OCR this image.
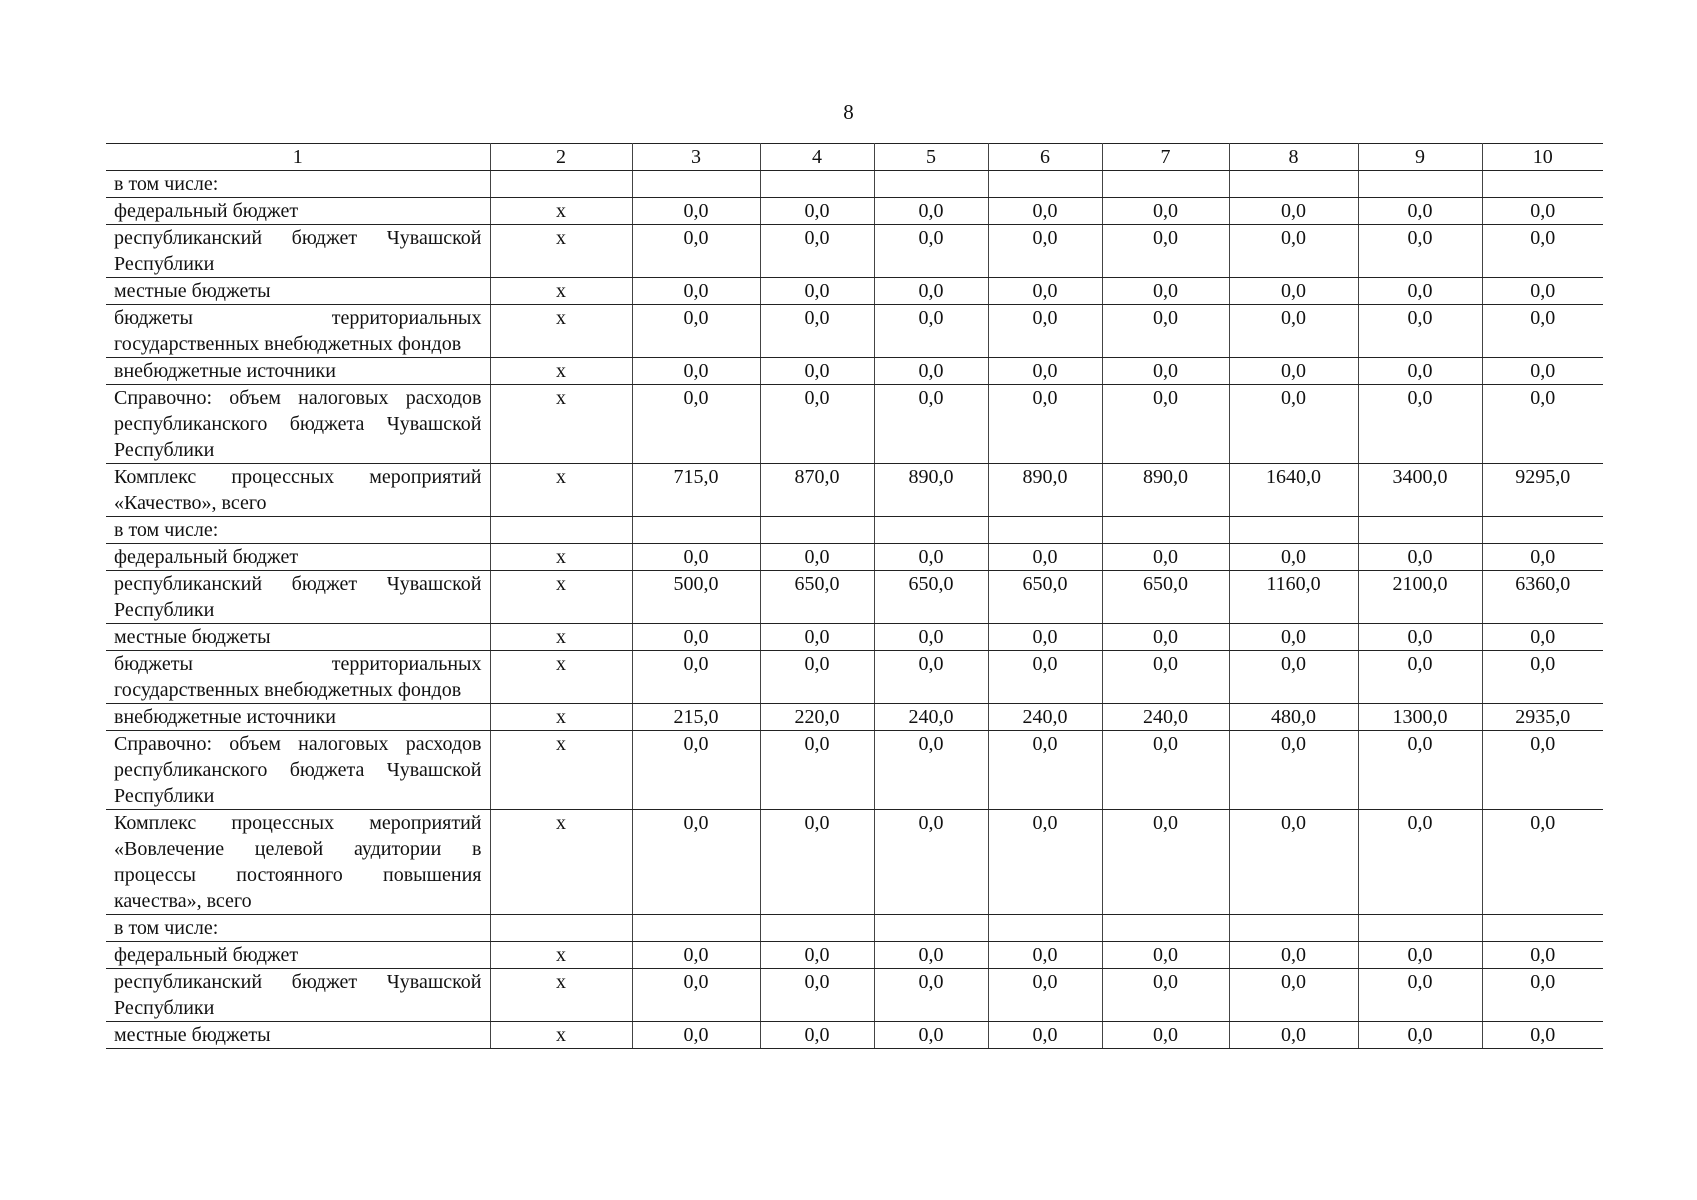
8
1	2	3	4	5	6	7	8	9	10
в том числе:									
федеральный бюджет	x	0,0	0,0	0,0	0,0	0,0	0,0	0,0	0,0
республиканский бюджет Чувашской Республики	x	0,0	0,0	0,0	0,0	0,0	0,0	0,0	0,0
местные бюджеты	x	0,0	0,0	0,0	0,0	0,0	0,0	0,0	0,0
бюджеты территориальных государственных внебюджетных фондов	x	0,0	0,0	0,0	0,0	0,0	0,0	0,0	0,0
внебюджетные источники	x	0,0	0,0	0,0	0,0	0,0	0,0	0,0	0,0
Справочно: объем налоговых расходов республиканского бюджета Чувашской Республики	x	0,0	0,0	0,0	0,0	0,0	0,0	0,0	0,0
Комплекс процессных мероприятий «Качество», всего	x	715,0	870,0	890,0	890,0	890,0	1640,0	3400,0	9295,0
в том числе:									
федеральный бюджет	x	0,0	0,0	0,0	0,0	0,0	0,0	0,0	0,0
республиканский бюджет Чувашской Республики	x	500,0	650,0	650,0	650,0	650,0	1160,0	2100,0	6360,0
местные бюджеты	x	0,0	0,0	0,0	0,0	0,0	0,0	0,0	0,0
бюджеты территориальных государственных внебюджетных фондов	x	0,0	0,0	0,0	0,0	0,0	0,0	0,0	0,0
внебюджетные источники	x	215,0	220,0	240,0	240,0	240,0	480,0	1300,0	2935,0
Справочно: объем налоговых расходов республиканского бюджета Чувашской Республики	x	0,0	0,0	0,0	0,0	0,0	0,0	0,0	0,0
Комплекс процессных мероприятий «Вовлечение целевой аудитории в процессы постоянного повышения качества», всего	x	0,0	0,0	0,0	0,0	0,0	0,0	0,0	0,0
в том числе:									
федеральный бюджет	x	0,0	0,0	0,0	0,0	0,0	0,0	0,0	0,0
республиканский бюджет Чувашской Республики	x	0,0	0,0	0,0	0,0	0,0	0,0	0,0	0,0
местные бюджеты	x	0,0	0,0	0,0	0,0	0,0	0,0	0,0	0,0
